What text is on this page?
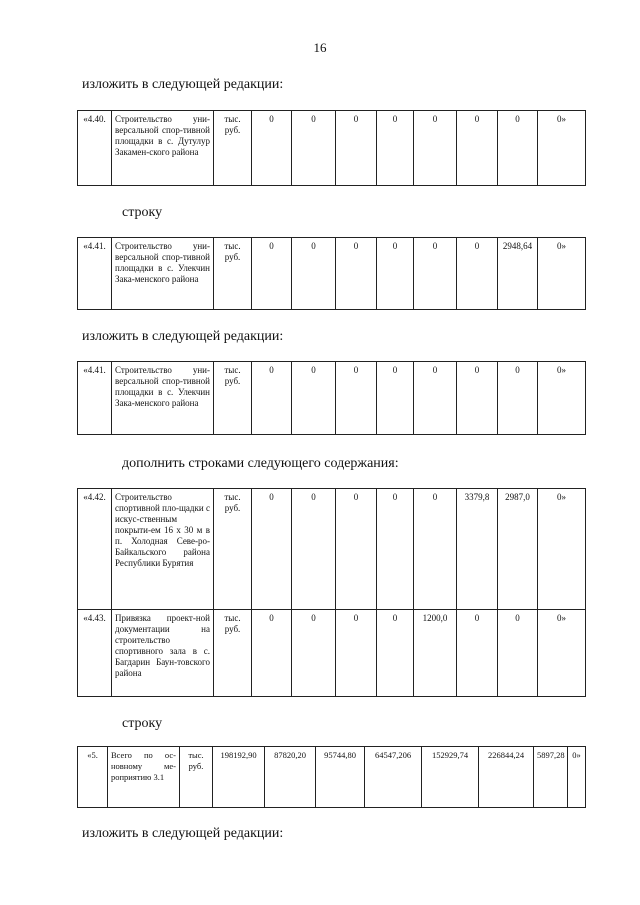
16
изложить в следующей редакции:
«4.40.	Строительство уни-версальной спор-тивной площадки в с. Дутулур Закамен-ского района	тыс. руб.	0	0	0	0	0	0	0	0»
строку
«4.41.	Строительство уни-версальной спор-тивной площадки в с. Улекчин Зака-менского района	тыс. руб.	0	0	0	0	0	0	2948,64	0»
изложить в следующей редакции:
«4.41.	Строительство уни-версальной спор-тивной площадки в с. Улекчин Зака-менского района	тыс. руб.	0	0	0	0	0	0	0	0»
дополнить строками следующего содержания:
«4.42.	Строительство спортивной пло-щадки с искус-ственным покрыти-ем 16 х 30 м в п. Холодная Севе-ро-Байкальского района Республики Бурятия	тыс. руб.	0	0	0	0	0	3379,8	2987,0	0»
«4.43.	Привязка проект-ной документации на строительство спортивного зала в с. Багдарин Баун-товского района	тыс. руб.	0	0	0	0	1200,0	0	0	0»
строку
«5.	Всего по ос-новному ме-роприятию 3.1	тыс. руб.	198192,90	87820,20	95744,80	64547,206	152929,74	226844,24	5897,28	0»
изложить в следующей редакции:
